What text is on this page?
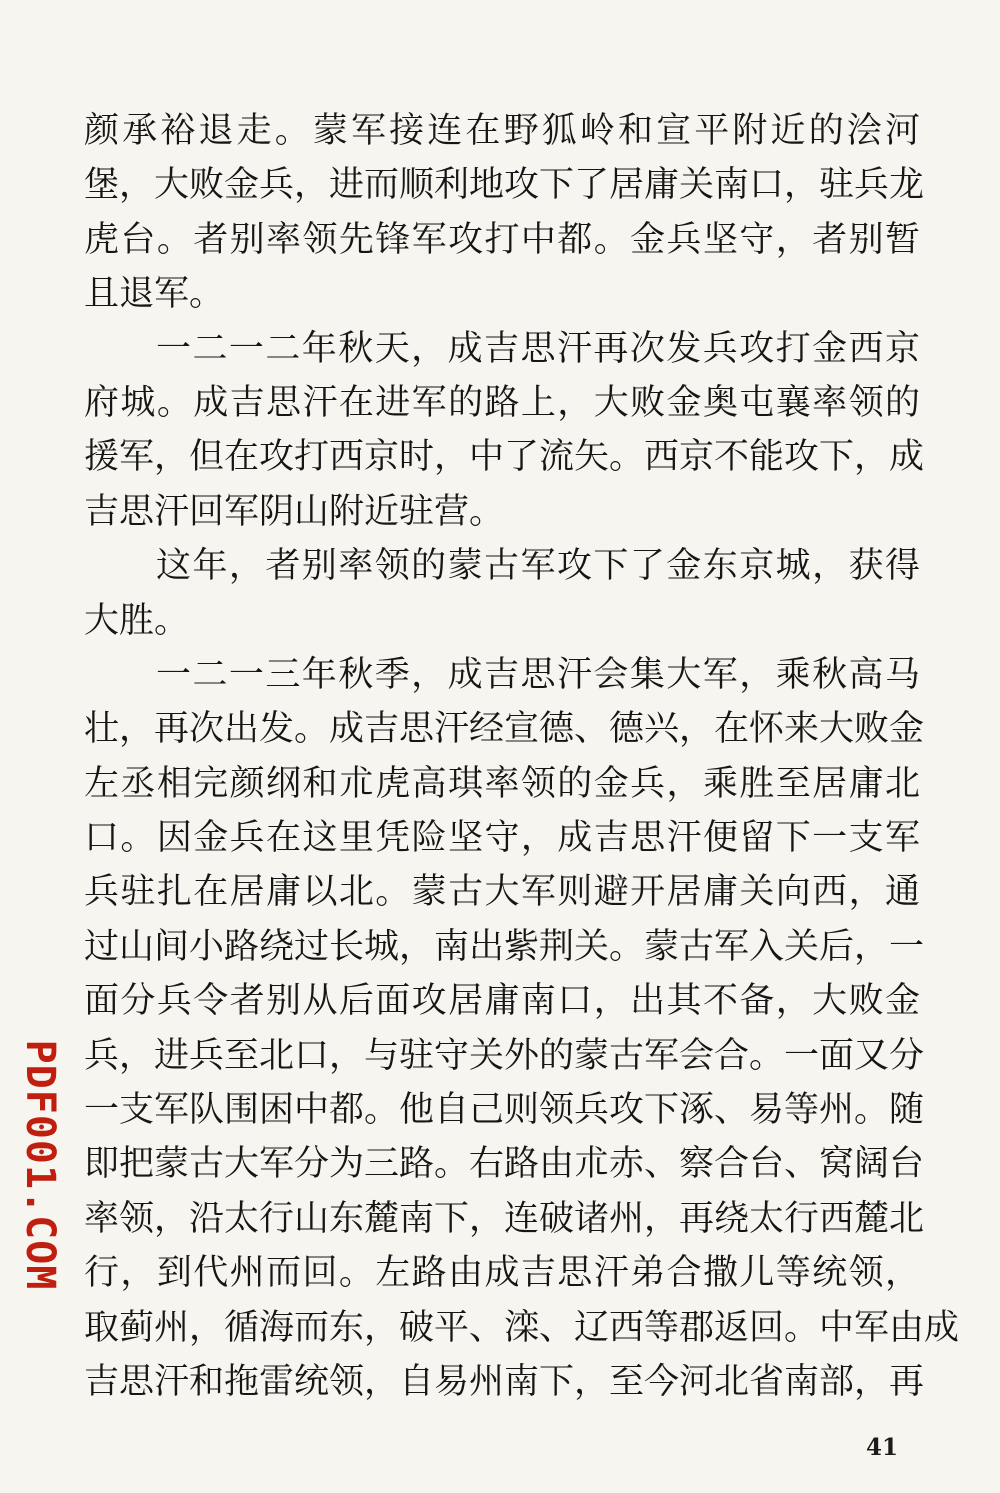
颜承裕退走。蒙军接连在野狐岭和宣平附近的浍河
堡，大败金兵，进而顺利地攻下了居庸关南口，驻兵龙
虎台。者别率领先锋军攻打中都。金兵坚守，者别暂
且退军。
一二一二年秋天，成吉思汗再次发兵攻打金西京
府城。成吉思汗在进军的路上，大败金奥屯襄率领的
援军，但在攻打西京时，中了流矢。西京不能攻下，成
吉思汗回军阴山附近驻营。
这年，者别率领的蒙古军攻下了金东京城，获得
大胜。
一二一三年秋季，成吉思汗会集大军，乘秋高马
壮，再次出发。成吉思汗经宣德、德兴，在怀来大败金
左丞相完颜纲和朮虎高琪率领的金兵，乘胜至居庸北
口。因金兵在这里凭险坚守，成吉思汗便留下一支军
兵驻扎在居庸以北。蒙古大军则避开居庸关向西，通
过山间小路绕过长城，南出紫荆关。蒙古军入关后，一
面分兵令者别从后面攻居庸南口，出其不备，大败金
兵，进兵至北口，与驻守关外的蒙古军会合。一面又分
一支军队围困中都。他自己则领兵攻下涿、易等州。随
即把蒙古大军分为三路。右路由朮赤、察合台、窝阔台
率领，沿太行山东麓南下，连破诸州，再绕太行西麓北
行，到代州而回。左路由成吉思汗弟合撒儿等统领，
取蓟州，循海而东，破平、滦、辽西等郡返回。中军由成
吉思汗和拖雷统领，自易州南下，至今河北省南部，再
41
PDF001.COM
